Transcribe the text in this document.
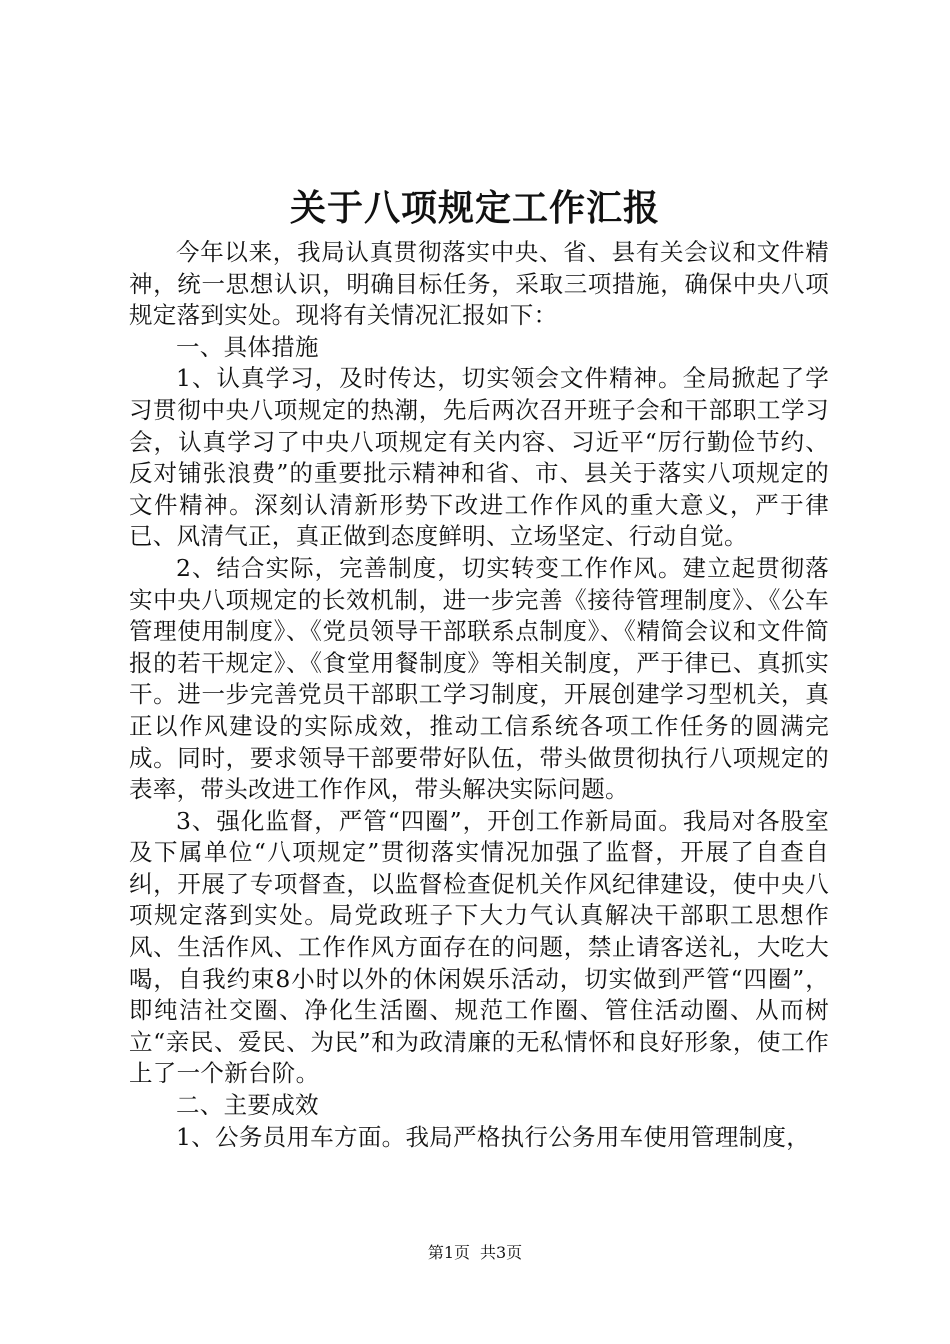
关于八项规定工作汇报

今年以来，我局认真贯彻落实中央、省、县有关会议和文件精神，统一思想认识，明确目标任务，采取三项措施，确保中央八项规定落到实处。现将有关情况汇报如下：

一、具体措施

1、认真学习，及时传达，切实领会文件精神。全局掀起了学习贯彻中央八项规定的热潮，先后两次召开班子会和干部职工学习会，认真学习了中央八项规定有关内容、习近平“厉行勤俭节约、反对铺张浪费”的重要批示精神和省、市、县关于落实八项规定的文件精神。深刻认清新形势下改进工作作风的重大意义，严于律已、风清气正，真正做到态度鲜明、立场坚定、行动自觉。

2、结合实际，完善制度，切实转变工作作风。建立起贯彻落实中央八项规定的长效机制，进一步完善《接待管理制度》、《公车管理使用制度》、《党员领导干部联系点制度》、《精简会议和文件简报的若干规定》、《食堂用餐制度》等相关制度，严于律已、真抓实干。进一步完善党员干部职工学习制度，开展创建学习型机关，真正以作风建设的实际成效，推动工信系统各项工作任务的圆满完成。同时，要求领导干部要带好队伍，带头做贯彻执行八项规定的表率，带头改进工作作风，带头解决实际问题。

3、强化监督，严管“四圈”，开创工作新局面。我局对各股室及下属单位“八项规定”贯彻落实情况加强了监督，开展了自查自纠，开展了专项督查，以监督检查促机关作风纪律建设，使中央八项规定落到实处。局党政班子下大力气认真解决干部职工思想作风、生活作风、工作作风方面存在的问题，禁止请客送礼，大吃大喝，自我约束8小时以外的休闲娱乐活动，切实做到严管“四圈”，即纯洁社交圈、净化生活圈、规范工作圈、管住活动圈、从而树立“亲民、爱民、为民”和为政清廉的无私情怀和良好形象，使工作上了一个新台阶。

二、主要成效

1、公务员用车方面。我局严格执行公务用车使用管理制度，

第1页 共3页
